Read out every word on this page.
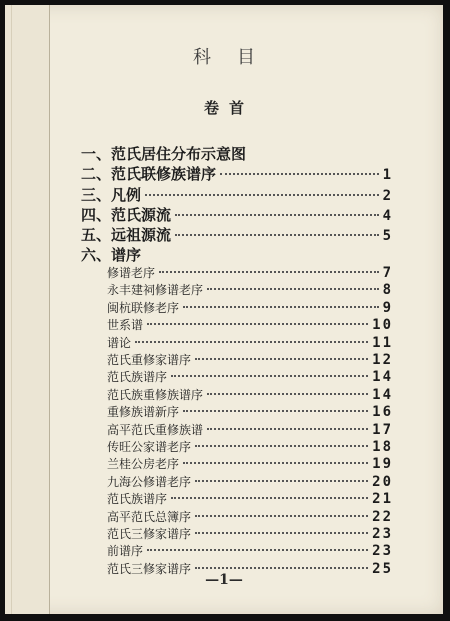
科目
卷首
一、 范氏居住分布示意图
二、 范氏联修族谱序	1
三、 凡例	2
四、 范氏源流	4
五、 远祖源流	5
六、 谱序
修谱老序	7
永丰建祠修谱老序	8
闽杭联修老序	9
世系谱	10
谱论	11
范氏重修家谱序	12
范氏族谱序	14
范氏族重修族谱序	14
重修族谱新序	16
高平范氏重修族谱	17
传旺公家谱老序	18
兰桂公房老序	19
九海公修谱老序	20
范氏族谱序	21
高平范氏总簿序	22
范氏三修家谱序	23
前谱序	23
范氏三修家谱序	25
—1—
